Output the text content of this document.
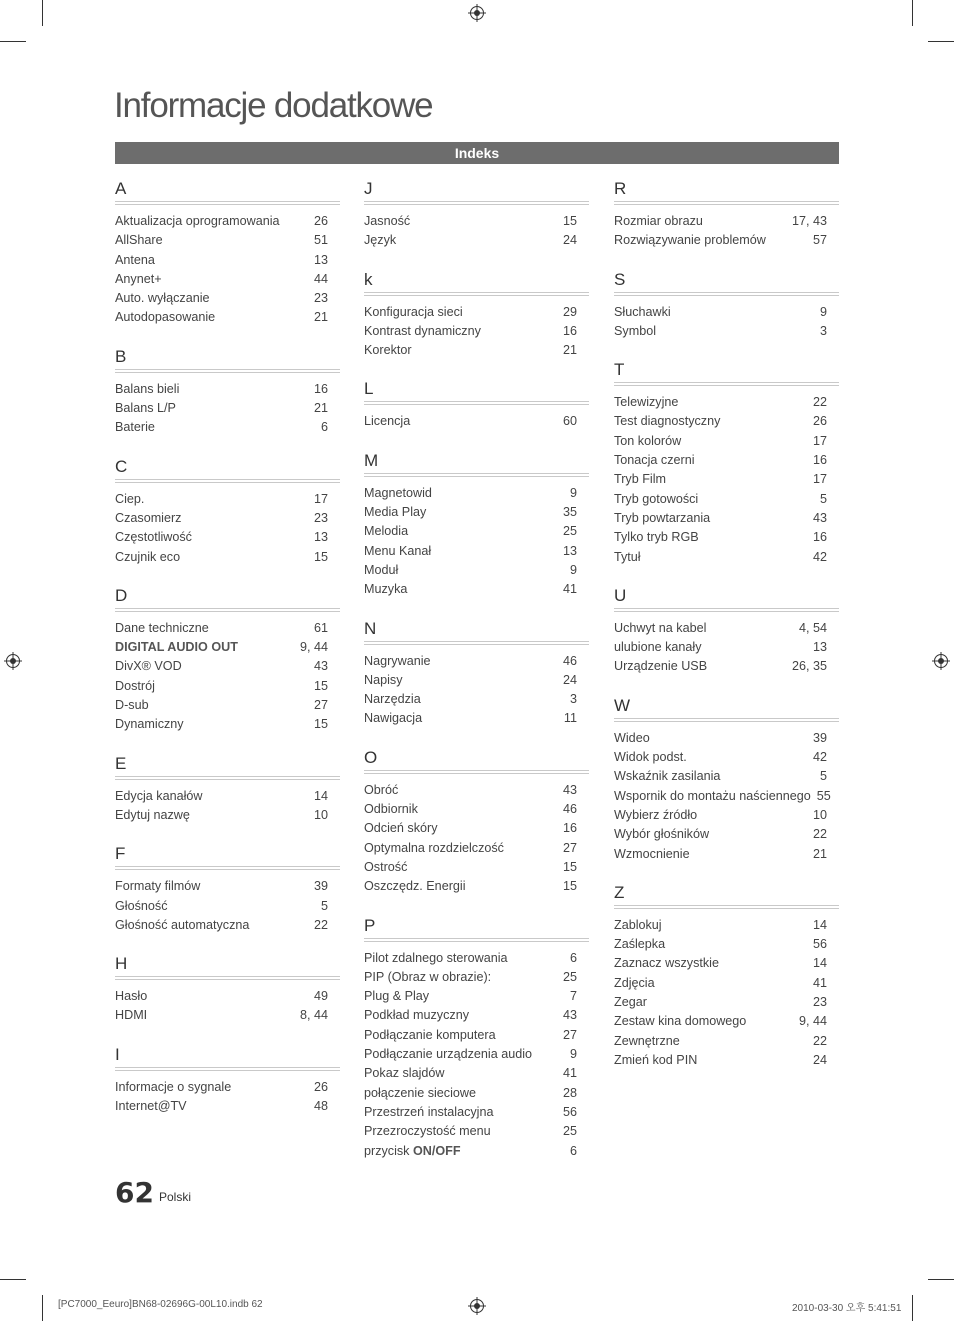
Informacje dodatkowe
Indeks
A
Aktualizacja oprogramowania	26
AllShare	51
Antena	13
Anynet+	44
Auto. wyłączanie	23
Autodopasowanie	21
B
Balans bieli	16
Balans L/P	21
Baterie	6
C
Ciep.	17
Czasomierz	23
Częstotliwość	13
Czujnik eco	15
D
Dane techniczne	61
DIGITAL AUDIO OUT	9, 44
DivX® VOD	43
Dostrój	15
D-sub	27
Dynamiczny	15
E
Edycja kanałów	14
Edytuj nazwę	10
F
Formaty filmów	39
Głośność	5
Głośność automatyczna	22
H
Hasło	49
HDMI	8, 44
I
Informacje o sygnale	26
Internet@TV	48
J
Jasność	15
Język	24
k
Konfiguracja sieci	29
Kontrast dynamiczny	16
Korektor	21
L
Licencja	60
M
Magnetowid	9
Media Play	35
Melodia	25
Menu Kanał	13
Moduł	9
Muzyka	41
N
Nagrywanie	46
Napisy	24
Narzędzia	3
Nawigacja	11
O
Obróć	43
Odbiornik	46
Odcień skóry	16
Optymalna rozdzielczość	27
Ostrość	15
Oszczędz. Energii	15
P
Pilot zdalnego sterowania	6
PIP (Obraz w obrazie):	25
Plug & Play	7
Podkład muzyczny	43
Podłączanie komputera	27
Podłączanie urządzenia audio	9
Pokaz slajdów	41
połączenie sieciowe	28
Przestrzeń instalacyjna	56
Przezroczystość menu	25
przycisk ON/OFF	6
R
Rozmiar obrazu	17, 43
Rozwiązywanie problemów	57
S
Słuchawki	9
Symbol	3
T
Telewizyjne	22
Test diagnostyczny	26
Ton kolorów	17
Tonacja czerni	16
Tryb Film	17
Tryb gotowości	5
Tryb powtarzania	43
Tylko tryb RGB	16
Tytuł	42
U
Uchwyt na kabel	4, 54
ulubione kanały	13
Urządzenie USB	26, 35
W
Wideo	39
Widok podst.	42
Wskaźnik zasilania	5
Wspornik do montażu naściennego 55
Wybierz źródło	10
Wybór głośników	22
Wzmocnienie	21
Z
Zablokuj	14
Zaślepka	56
Zaznacz wszystkie	14
Zdjęcia	41
Zegar	23
Zestaw kina domowego	9, 44
Zewnętrzne	22
Zmień kod PIN	24
62 Polski
[PC7000_Eeuro]BN68-02696G-00L10.indb 62	2010-03-30 오후 5:41:51
